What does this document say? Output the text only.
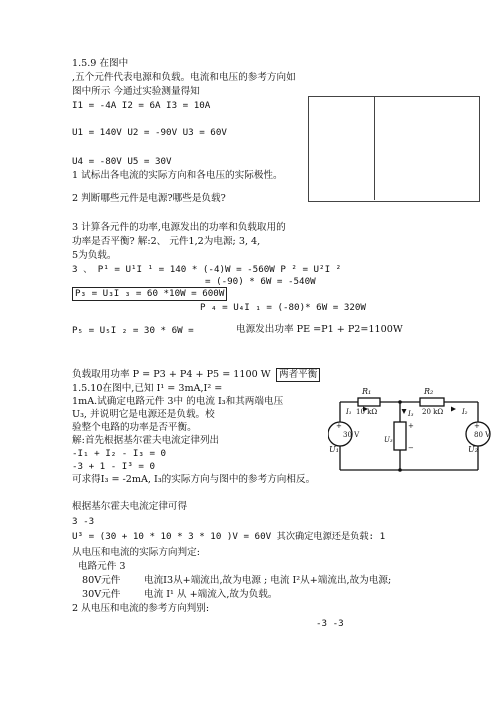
1.5.9 在图中
,五个元件代表电源和负载。电流和电压的参考方向如
图中所示 今通过实验测量得知
I1 = -4A I2 = 6A I3 = 10A
U1 = 140V U2 = -90V U3 = 60V
U4 = -80V U5 = 30V
1 试标出各电流的实际方向和各电压的实际极性。
2 判断哪些元件是电源?哪些是负载?
3 计算各元件的功率,电源发出的功率和负载取用的
功率是否平衡? 解:2、 元件1,2为电源; 3, 4,
5为负载。
3 、 P¹ = U¹I ¹ = 140 * (-4)W = -560W P ² = U²I ²
= (-90) * 6W = -540W
P₃ = U₃I ₃ = 60 *10W = 600W
P ₄ = U₄I ₁ = (-80)* 6W = 320W
P₅ = U₅I ₂ = 30 * 6W =	电源发出功率 PE =P1 + P2=1100W
负载取用功率 P = P3 + P4 + P5 = 1100 W 两者平衡
1.5.10在图中,已知 I¹ = 3mA,I² =
1mA.试确定电路元件 3中 的电流 I₃和其两端电压
U₃, 并说明它是电源还是负载。校
验整个电路的功率是否平衡。
解:首先根据基尔霍夫电流定律列出
-I₁ + I₂ - I₃ = 0
-3 + 1 - I³ = 0
可求得I₃ = -2mA, I₃的实际方向与图中的参考方向相反。
根据基尔霍夫电流定律可得
3 -3
U³ = (30 + 10 * 10 * 3 * 10 )V = 60V 其次确定电源还是负载: 1
从电压和电流的实际方向判定:
电路元件 3
80V元件 电流I3从+端流出,故为电源 ; 电流 I²从+端流出,故为电源;
30V元件 电流 I¹ 从 +端流入,故为负载。
2 从电压和电流的参考方向判别:
-3 -3
R₁
10 kΩ
R₂
20 kΩ
I₁	I₂
I₃
U₁
30 V
+
U₂
80 V
+
U₃
+
−
